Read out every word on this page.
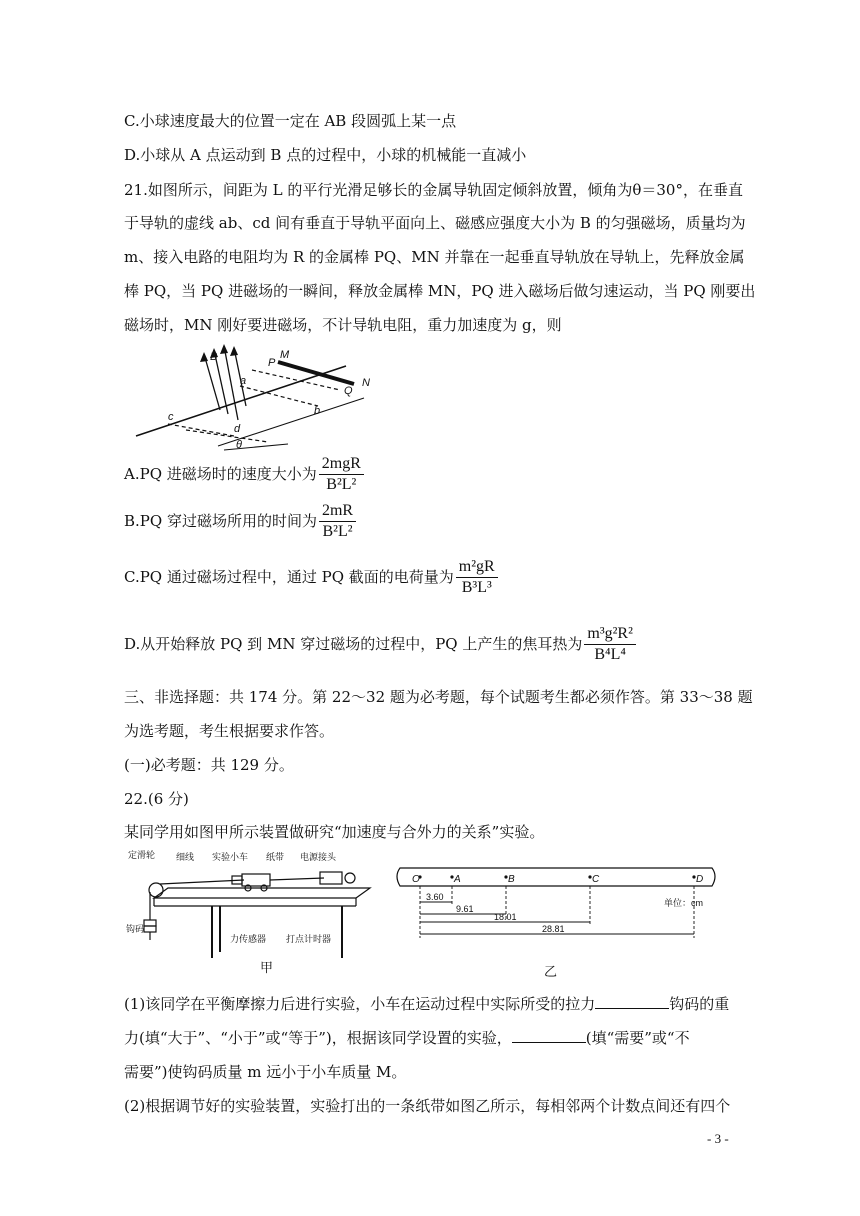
C.小球速度最大的位置一定在 AB 段圆弧上某一点
D.小球从 A 点运动到 B 点的过程中，小球的机械能一直减小
21.如图所示，间距为 L 的平行光滑足够长的金属导轨固定倾斜放置，倾角为θ＝30°，在垂直
于导轨的虚线 ab、cd 间有垂直于导轨平面向上、磁感应强度大小为 B 的匀强磁场，质量均为
m、接入电路的电阻均为 R 的金属棒 PQ、MN 并靠在一起垂直导轨放在导轨上，先释放金属
棒 PQ，当 PQ 进磁场的一瞬间，释放金属棒 MN，PQ 进入磁场后做匀速运动，当 PQ 刚要出
磁场时，MN 刚好要进磁场，不计导轨电阻，重力加速度为 g，则
B	P
M
a
Q
N
b
c
d
θ
A.PQ 进磁场时的速度大小为 $\frac{\text{2mgR}}{\text{B²L²}}$
B.PQ 穿过磁场所用的时间为 $\frac{2mR}{\text{B²L²}}$
C.PQ 通过磁场过程中，通过 PQ 截面的电荷量为 $\frac{\text{m²gR}}{\text{B³L³}}$
D.从开始释放 PQ 到 MN 穿过磁场的过程中，PQ 上产生的焦耳热为 $\frac{\text{m³g²R²}}{\text{B⁴L⁴}}$
三、非选择题：共 174 分。第 22～32 题为必考题，每个试题考生都必须作答。第 33～38 题
为选考题，考生根据要求作答。
(一)必考题：共 129 分。
22.(6 分)
某同学用如图甲所示装置做研究“加速度与合外力的关系”实验。
定滑轮 细线 实验小车 纸带 电源接头
钩码
力传感器 打点计时器
甲
O	A	B	C	D
3.60
9.61
18.01
28.81
单位：cm
乙
(1)该同学在平衡摩擦力后进行实验，小车在运动过程中实际所受的拉力	钩码的重
力(填“大于”、“小于”或“等于”)，根据该同学设置的实验，	(填“需要”或“不
需要”)使钩码质量 m 远小于小车质量 M。
(2)根据调节好的实验装置，实验打出的一条纸带如图乙所示，每相邻两个计数点间还有四个
- 3 -
